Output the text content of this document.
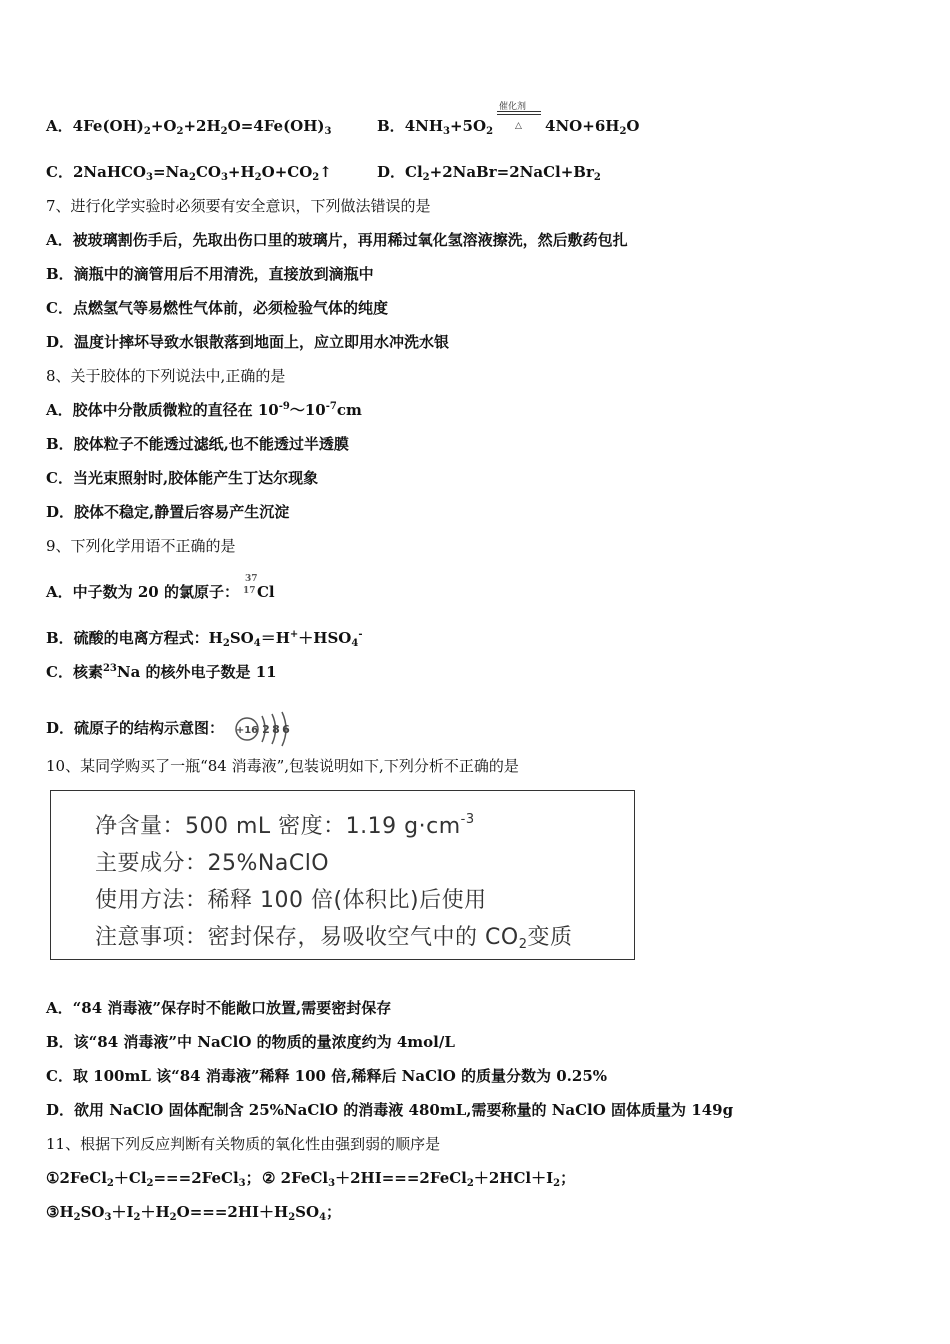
A．$4Fe(OH)_2+O_2+2H_2O=4Fe(OH)_3$	B．$4NH_3+5O_2$
催化剂
△ $4NO+6H_2O$
C．$2NaHCO_3=Na_2CO_3+H_2O+CO_2↑$	D．$Cl_2+2NaBr=2NaCl+Br_2$
7、进行化学实验时必须要有安全意识，下列做法错误的是
A．被玻璃割伤手后，先取出伤口里的玻璃片，再用稀过氧化氢溶液擦洗，然后敷药包扎
B．滴瓶中的滴管用后不用清洗，直接放到滴瓶中
C．点燃氢气等易燃性气体前，必须检验气体的纯度
D．温度计摔坏导致水银散落到地面上，应立即用水冲洗水银
8、关于胶体的下列说法中,正确的是
A．胶体中分散质微粒的直径在 $10^{-9}\sim 10^{-7}cm$
B．胶体粒子不能透过滤纸,也不能透过半透膜
C．当光束照射时,胶体能产生丁达尔现象
D．胶体不稳定,静置后容易产生沉淀
9、下列化学用语不正确的是
A．中子数为 20 的氯原子：
37
17 Cl
B．硫酸的电离方程式：$H_2SO_4=H^++HSO_4^-$
C．核素$^{23}$Na 的核外电子数是 11
D．硫原子的结构示意图： +16 2 8 6
10、某同学购买了一瓶“84 消毒液”,包装说明如下,下列分析不正确的是
净含量：500 mL 密度：1.19 $g\cdot cm^{-3}$
主要成分：25%NaClO
使用方法：稀释 100 倍(体积比)后使用
注意事项：密封保存，易吸收空气中的 $CO_2$变质
A．“84 消毒液”保存时不能敞口放置,需要密封保存
B．该“84 消毒液”中 NaClO 的物质的量浓度约为 4mol/L
C．取 100mL 该“84 消毒液”稀释 100 倍,稀释后 NaClO 的质量分数为 0.25%
D．欲用 NaClO 固体配制含 25%NaClO 的消毒液 480mL,需要称量的 NaClO 固体质量为 149g
11、根据下列反应判断有关物质的氧化性由强到弱的顺序是
$①2FeCl_2+Cl_2===2FeCl_3$； ② $2FeCl_3+2HI===2FeCl_2+2HCl+I_2$；
$③H_2SO_3+I_2+H_2O===2HI+H_2SO_4$；
